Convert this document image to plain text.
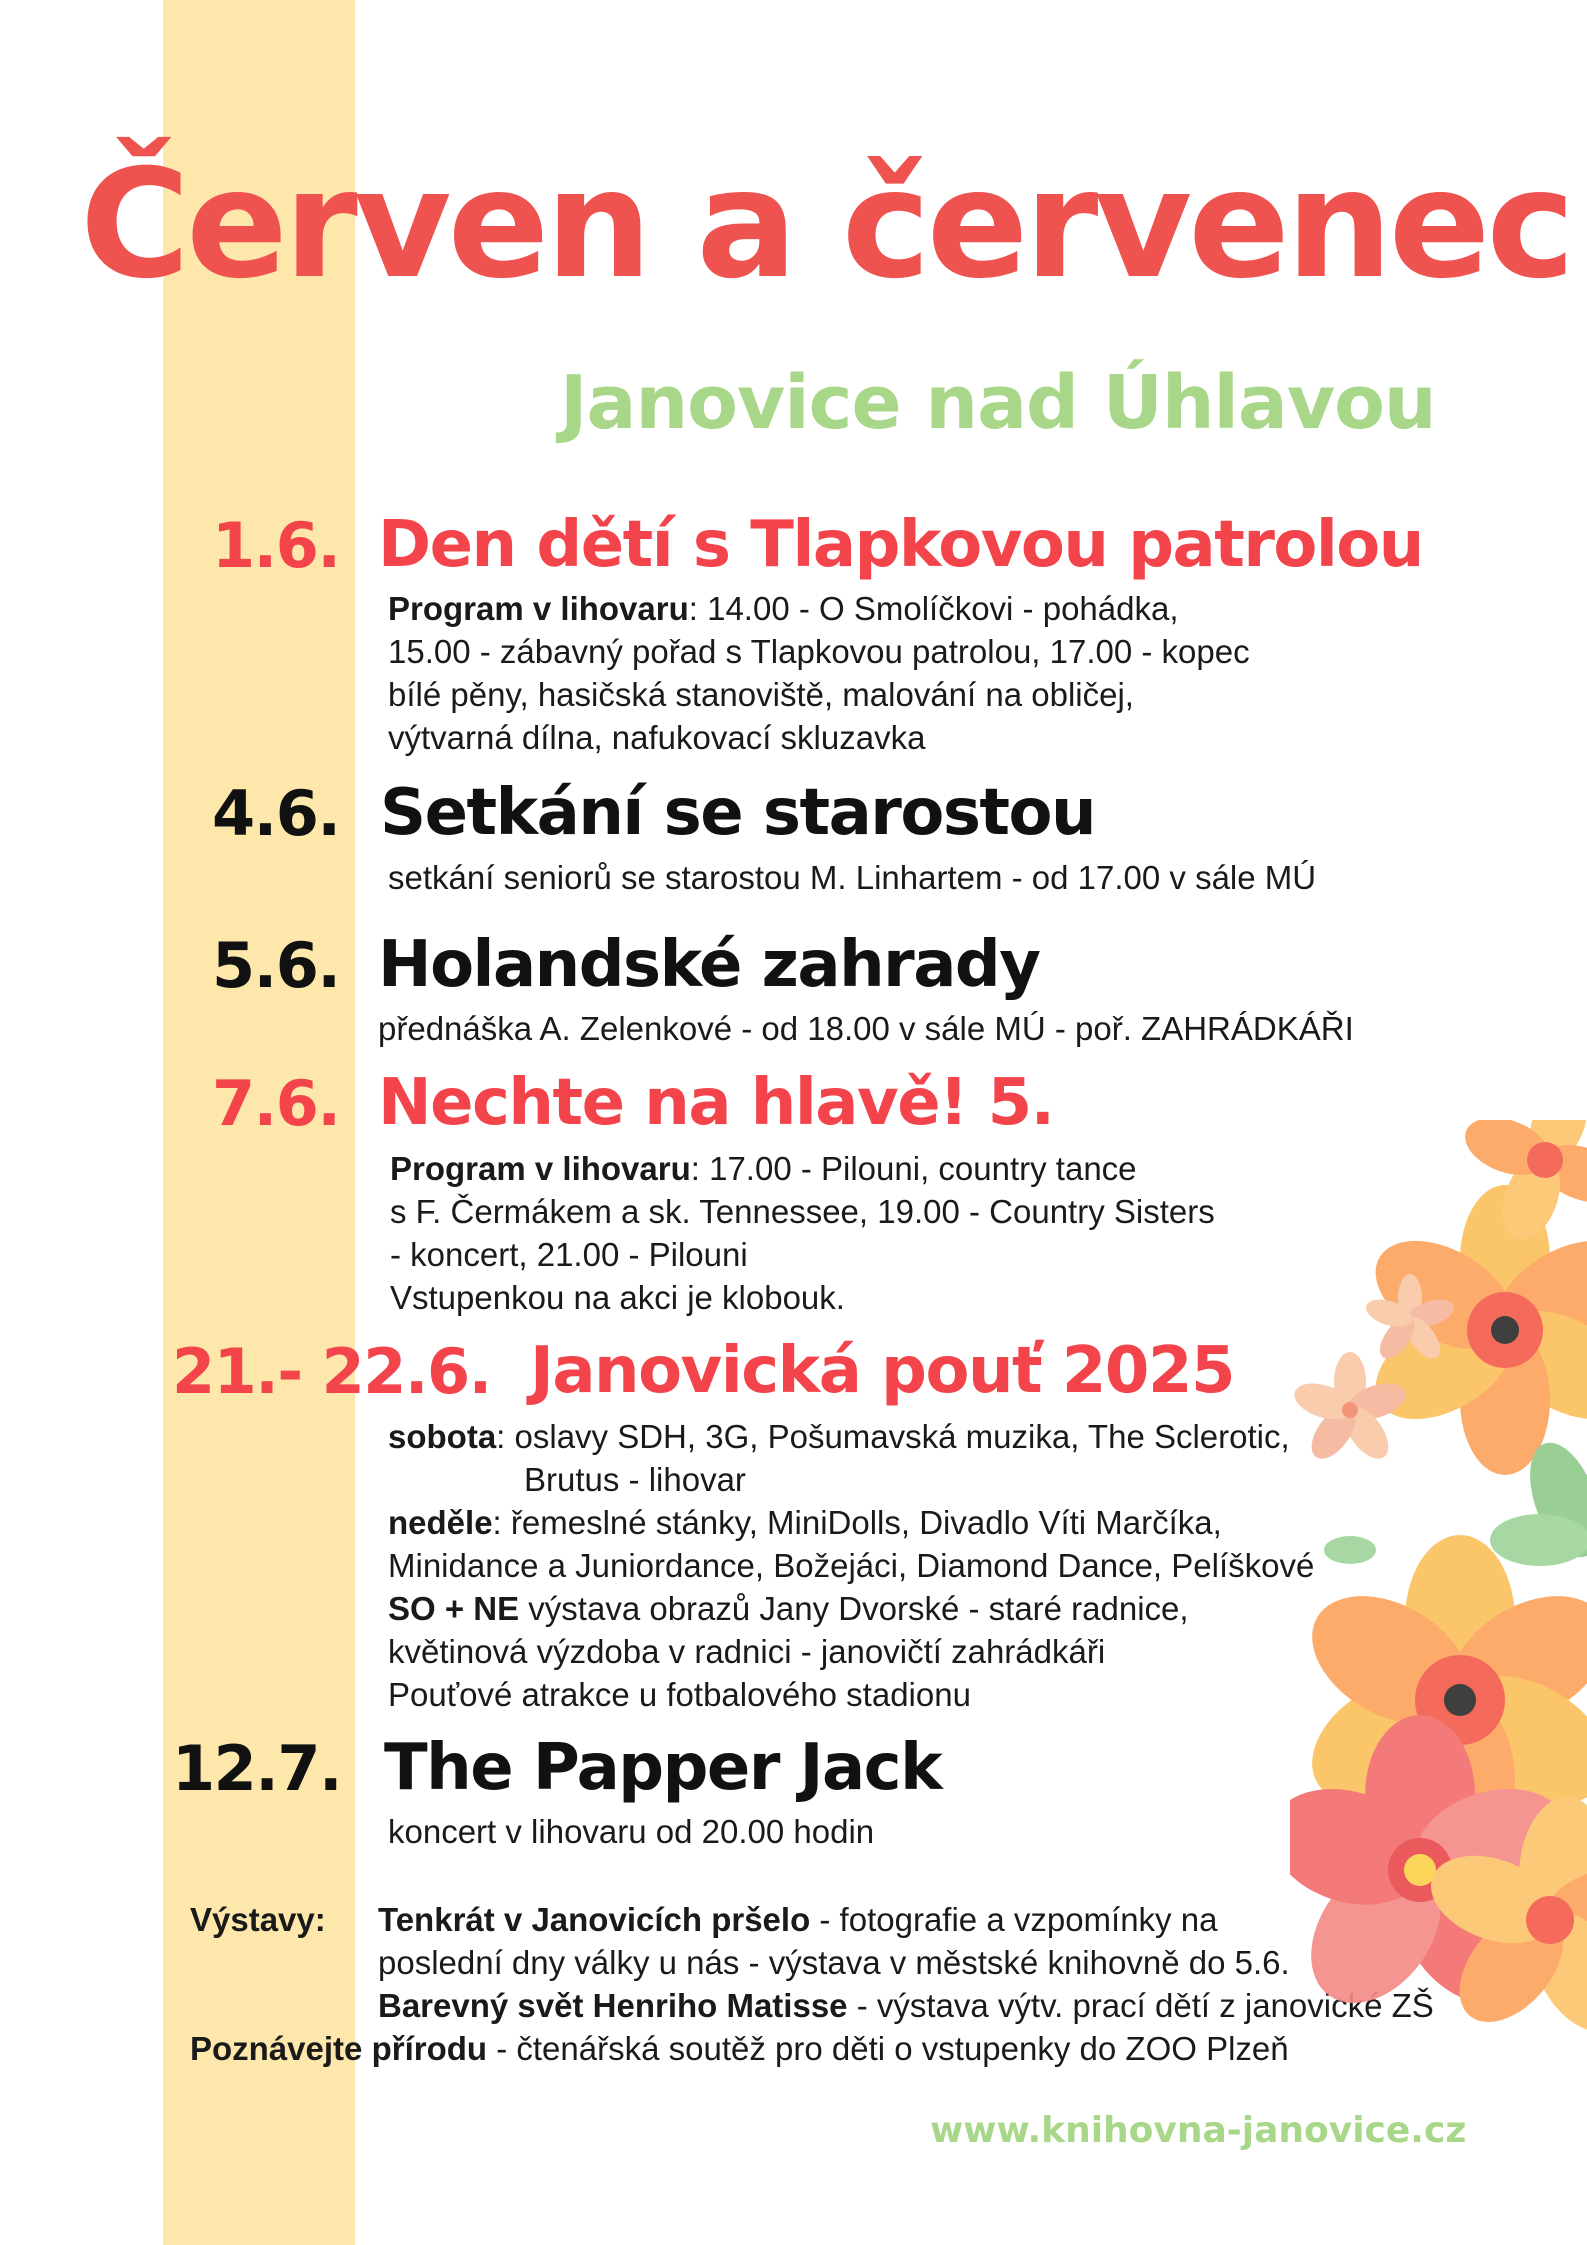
Červen a červenec
Janovice nad Úhlavou
1.6. Den dětí s Tlapkovou patrolou
Program v lihovaru: 14.00 - O Smolíčkovi - pohádka,
15.00 - zábavný pořad s Tlapkovou patrolou, 17.00 - kopec
bílé pěny, hasičská stanoviště, malování na obličej,
výtvarná dílna, nafukovací skluzavka
4.6. Setkání se starostou
setkání seniorů se starostou M. Linhartem - od 17.00 v sále MÚ
5.6. Holandské zahrady
přednáška A. Zelenkové - od 18.00 v sále MÚ - poř. ZAHRÁDKÁŘI
7.6. Nechte na hlavě! 5.
Program v lihovaru: 17.00 - Pilouni, country tance
s F. Čermákem a sk. Tennessee, 19.00 - Country Sisters
- koncert, 21.00 - Pilouni
Vstupenkou na akci je klobouk.
21.- 22.6. Janovická pouť 2025
sobota: oslavy SDH, 3G, Pošumavská muzika, The Sclerotic,
Brutus - lihovar
neděle: řemeslné stánky, MiniDolls, Divadlo Víti Marčíka,
Minidance a Juniordance, Božejáci, Diamond Dance, Pelíškové
SO + NE výstava obrazů Jany Dvorské - staré radnice,
květinová výzdoba v radnici - janovičtí zahrádkáři
Pouťové atrakce u fotbalového stadionu
12.7. The Papper Jack
koncert v lihovaru od 20.00 hodin
Výstavy: Tenkrát v Janovicích pršelo - fotografie a vzpomínky na
poslední dny války u nás - výstava v městské knihovně do 5.6.
Barevný svět Henriho Matisse - výstava výtv. prací dětí z janovické ZŠ
Poznávejte přírodu - čtenářská soutěž pro děti o vstupenky do ZOO Plzeň
www.knihovna-janovice.cz
